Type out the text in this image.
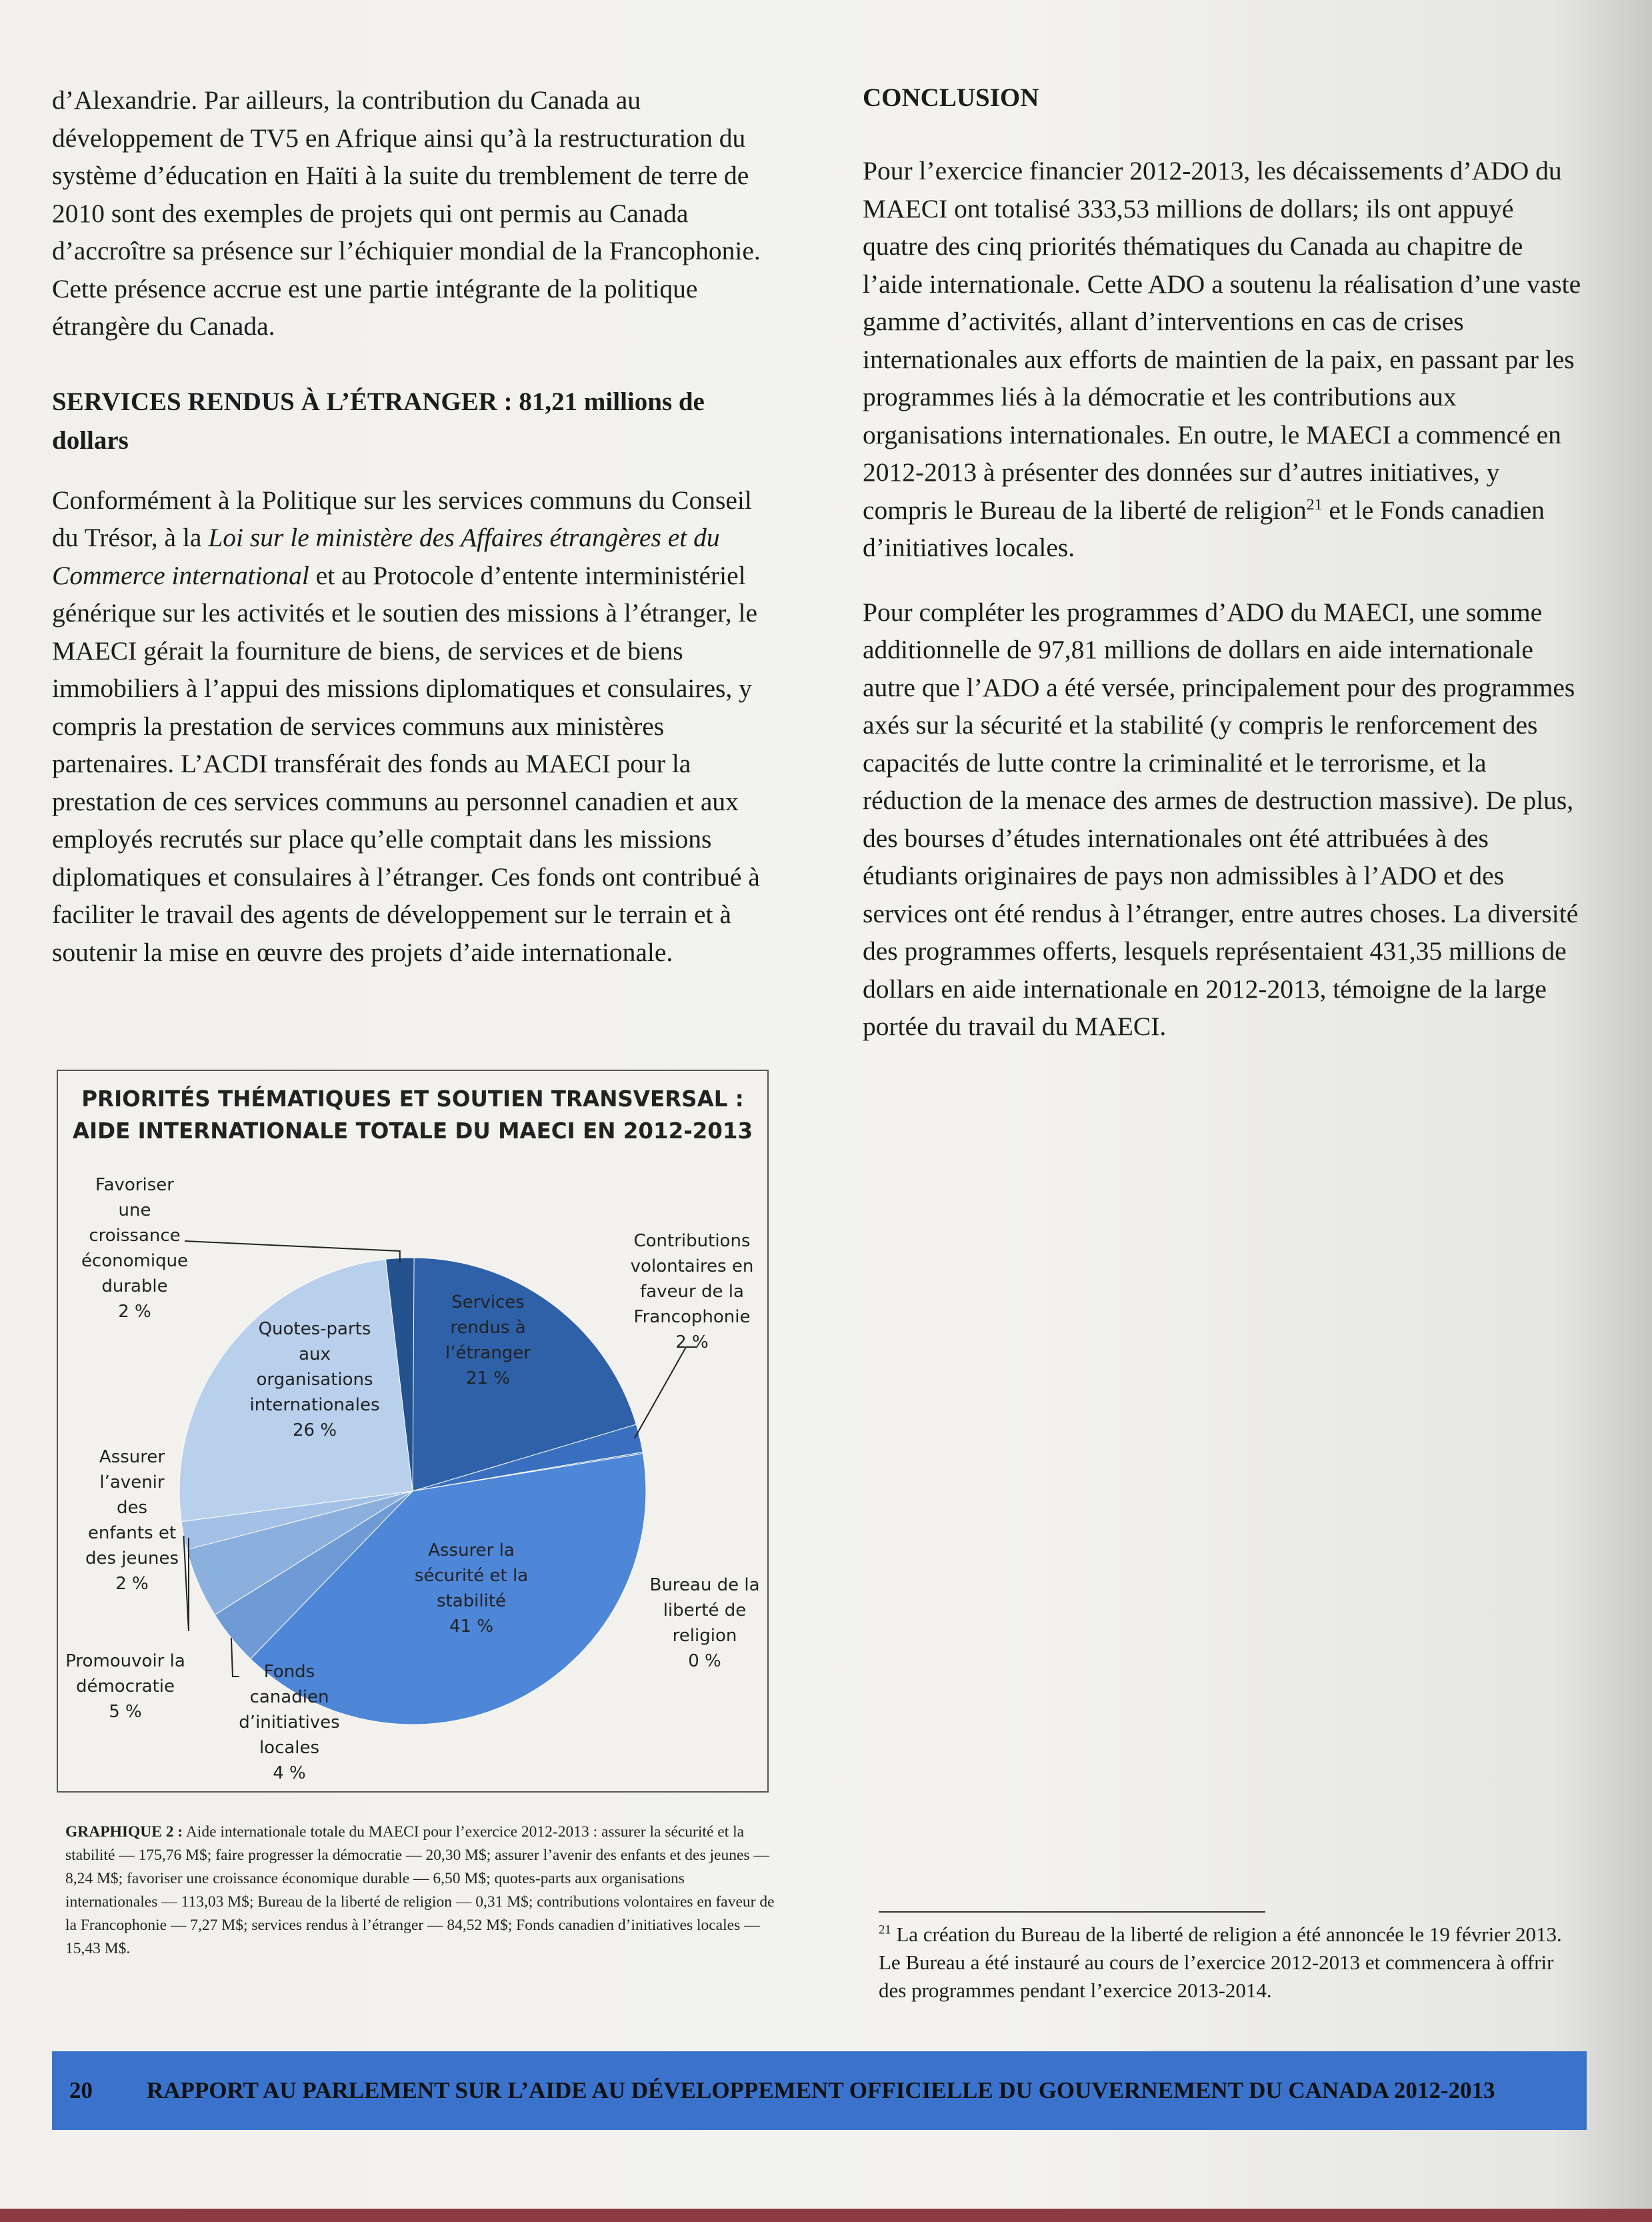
d’Alexandrie. Par ailleurs, la contribution du Canada au développement de TV5 en Afrique ainsi qu’à la restructuration du système d’éducation en Haïti à la suite du tremblement de terre de 2010 sont des exemples de projets qui ont permis au Canada d’accroître sa présence sur l’échiquier mondial de la Francophonie. Cette présence accrue est une partie intégrante de la politique étrangère du Canada.

SERVICES RENDUS À L’ÉTRANGER : 81,21 millions de dollars

Conformément à la Politique sur les services communs du Conseil du Trésor, à la Loi sur le ministère des Affaires étrangères et du Commerce international et au Protocole d’entente interministériel générique sur les activités et le soutien des missions à l’étranger, le MAECI gérait la fourniture de biens, de services et de biens immobiliers à l’appui des missions diplomatiques et consulaires, y compris la prestation de services communs aux ministères partenaires. L’ACDI transférait des fonds au MAECI pour la prestation de ces services communs au personnel canadien et aux employés recrutés sur place qu’elle comptait dans les missions diplomatiques et consulaires à l’étranger. Ces fonds ont contribué à faciliter le travail des agents de développement sur le terrain et à soutenir la mise en œuvre des projets d’aide internationale.

CONCLUSION

Pour l’exercice financier 2012-2013, les décaissements d’ADO du MAECI ont totalisé 333,53 millions de dollars; ils ont appuyé quatre des cinq priorités thématiques du Canada au chapitre de l’aide internationale. Cette ADO a soutenu la réalisation d’une vaste gamme d’activités, allant d’interventions en cas de crises internationales aux efforts de maintien de la paix, en passant par les programmes liés à la démocratie et les contributions aux organisations internationales. En outre, le MAECI a commencé en 2012-2013 à présenter des données sur d’autres initiatives, y compris le Bureau de la liberté de religion$^{21}$ et le Fonds canadien d’initiatives locales.

Pour compléter les programmes d’ADO du MAECI, une somme additionnelle de 97,81 millions de dollars en aide internationale autre que l’ADO a été versée, principalement pour des programmes axés sur la sécurité et la stabilité (y compris le renforcement des capacités de lutte contre la criminalité et le terrorisme, et la réduction de la menace des armes de destruction massive). De plus, des bourses d’études internationales ont été attribuées à des étudiants originaires de pays non admissibles à l’ADO et des services ont été rendus à l’étranger, entre autres choses. La diversité des programmes offerts, lesquels représentaient 431,35 millions de dollars en aide internationale en 2012-2013, témoigne de la large portée du travail du MAECI.

PRIORITÉS THÉMATIQUES ET SOUTIEN TRANSVERSAL : AIDE INTERNATIONALE TOTALE DU MAECI EN 2012-2013
Favoriser une croissance économique durable
2 %
Quotes-parts aux organisations internationales
26 %
Services rendus à l’étranger
21 %
Contributions volontaires en faveur de la Francophonie
2 %
Assurer l’avenir des enfants et des jeunes
2 %
Assurer la sécurité et la stabilité
41 %
Bureau de la liberté de religion
0 %
Promouvoir la démocratie
5 %
Fonds canadien d’initiatives locales
4 %
GRAPHIQUE 2 : Aide internationale totale du MAECI pour l’exercice 2012-2013 : assurer la sécurité et la stabilité — 175,76 M$; faire progresser la démocratie — 20,30 M$; assurer l’avenir des enfants et des jeunes — 8,24 M$; favoriser une croissance économique durable — 6,50 M$; quotes-parts aux organisations internationales — 113,03 M$; Bureau de la liberté de religion — 0,31 M$; contributions volontaires en faveur de la Francophonie — 7,27 M$; services rendus à l’étranger — 84,52 M$; Fonds canadien d’initiatives locales —15,43 M$.
$^{21}$ La création du Bureau de la liberté de religion a été annoncée le 19 février 2013. Le Bureau a été instauré au cours de l’exercice 2012-2013 et commencera à offrir des programmes pendant l’exercice 2013-2014.
20 RAPPORT AU PARLEMENT SUR L’AIDE AU DÉVELOPPEMENT OFFICIELLE DU GOUVERNEMENT DU CANADA 2012-2013
